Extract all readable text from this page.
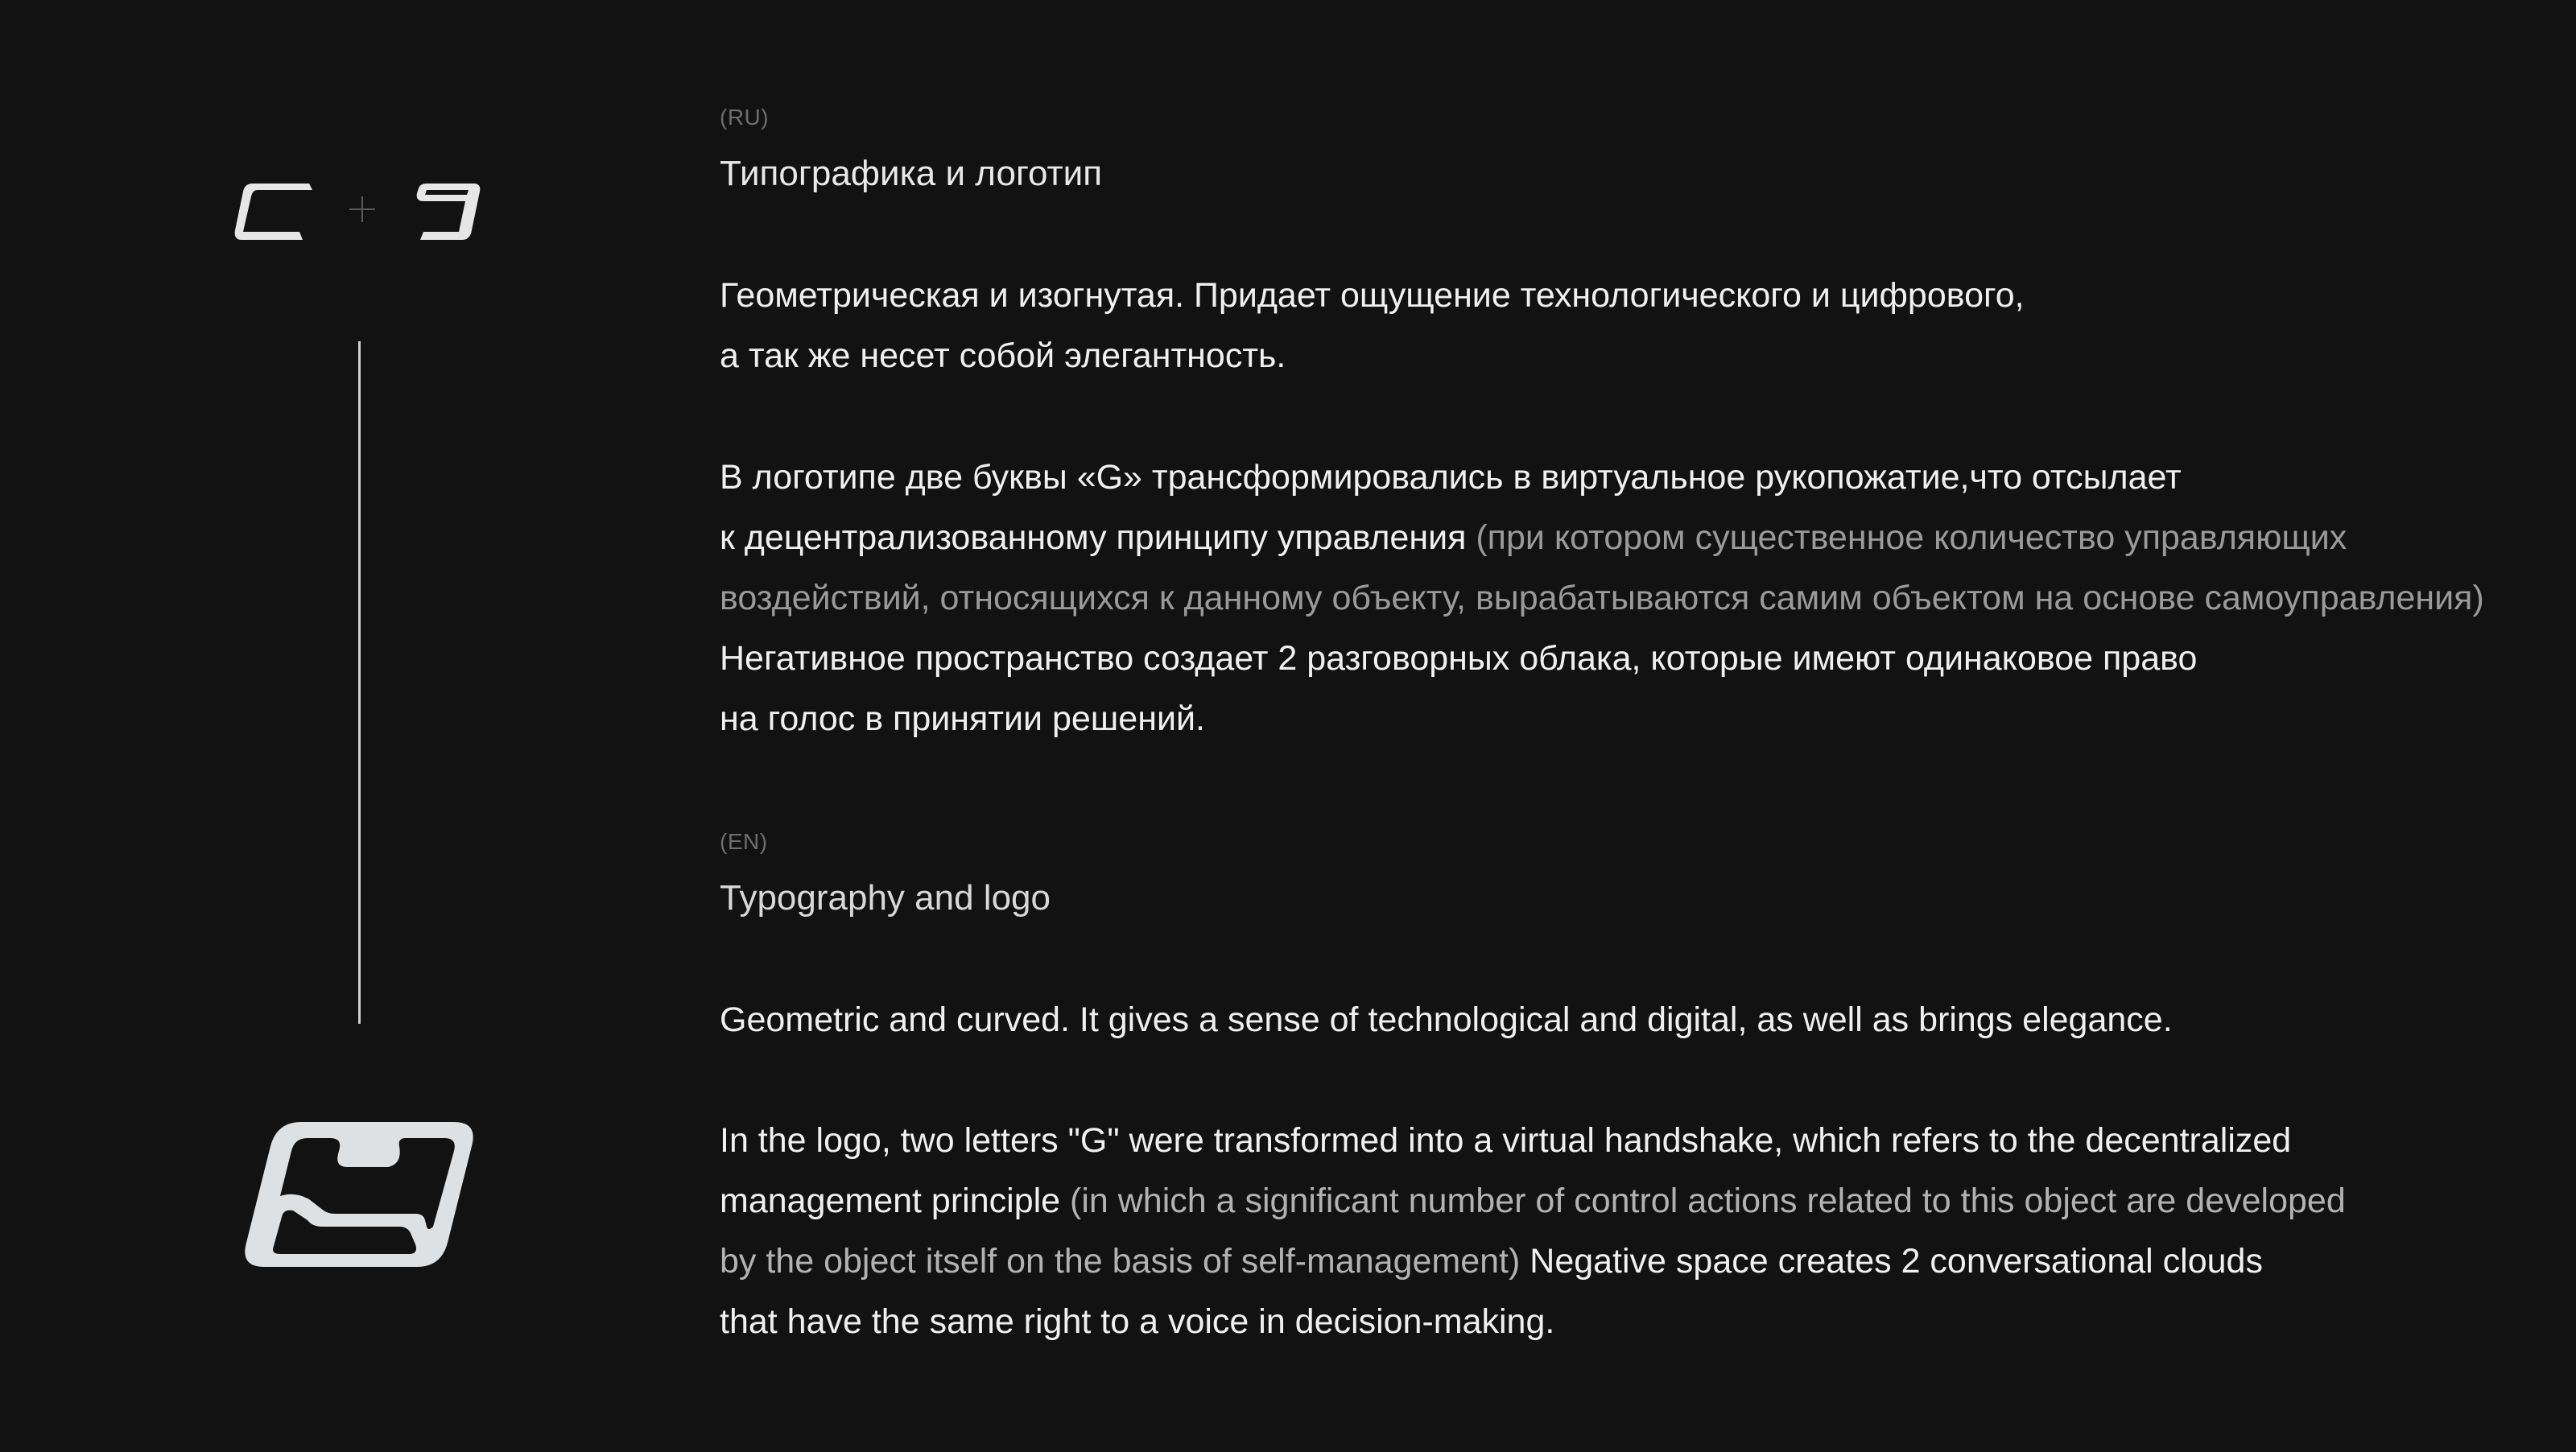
(RU)
Типографика и логотип

Геометрическая и изогнутая. Придает ощущение технологического и цифрового,
а так же несет собой элегантность.

В логотипе две буквы «G» трансформировались в виртуальное рукопожатие,что отсылает
к децентрализованному принципу управления (при котором существенное количество управляющих
воздействий, относящихся к данному объекту, вырабатываются самим объектом на основе самоуправления)
Негативное пространство создает 2 разговорных облака, которые имеют одинаковое право
на голос в принятии решений.

(EN)
Typography and logo

Geometric and curved. It gives a sense of technological and digital, as well as brings elegance.

In the logo, two letters "G" were transformed into a virtual handshake, which refers to the decentralized
management principle (in which a significant number of control actions related to this object are developed
by the object itself on the basis of self-management) Negative space creates 2 conversational clouds
that have the same right to a voice in decision-making.
